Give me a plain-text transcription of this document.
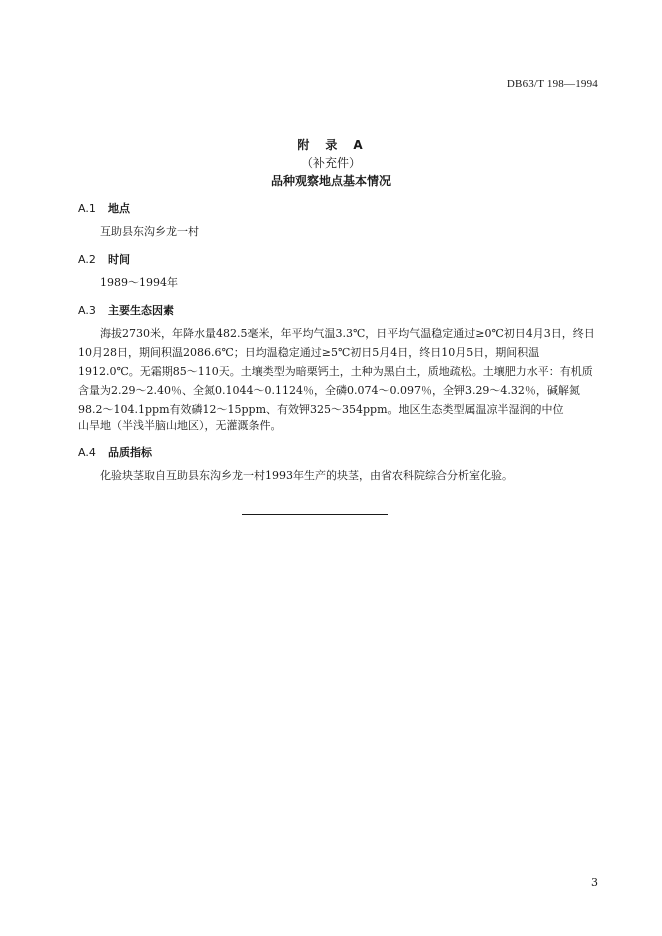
DB63/T 198—1994
附　录　A
（补充件）
品种观察地点基本情况
A.1 地点
互助县东沟乡龙一村
A.2 时间
1989～1994年
A.3 主要生态因素
海拔2730米，年降水量482.5毫米，年平均气温3.3℃，日平均气温稳定通过≥0℃初日4月3日，终日10月28日，期间积温2086.6℃；日均温稳定通过≥5℃初日5月4日，终日10月5日，期间积温1912.0℃。无霜期85～110天。土壤类型为暗栗钙土，土种为黑白土，质地疏松。土壤肥力水平：有机质含量为2.29～2.40％、全氮0.1044～0.1124％，全磷0.074～0.097％，全钾3.29～4.32％，碱解氮98.2～104.1ppm有效磷12～15ppm、有效钾325～354ppm。地区生态类型属温凉半湿润的中位
山旱地（半浅半脑山地区），无灌溉条件。
A.4 品质指标
化验块茎取自互助县东沟乡龙一村1993年生产的块茎，由省农科院综合分析室化验。
3
